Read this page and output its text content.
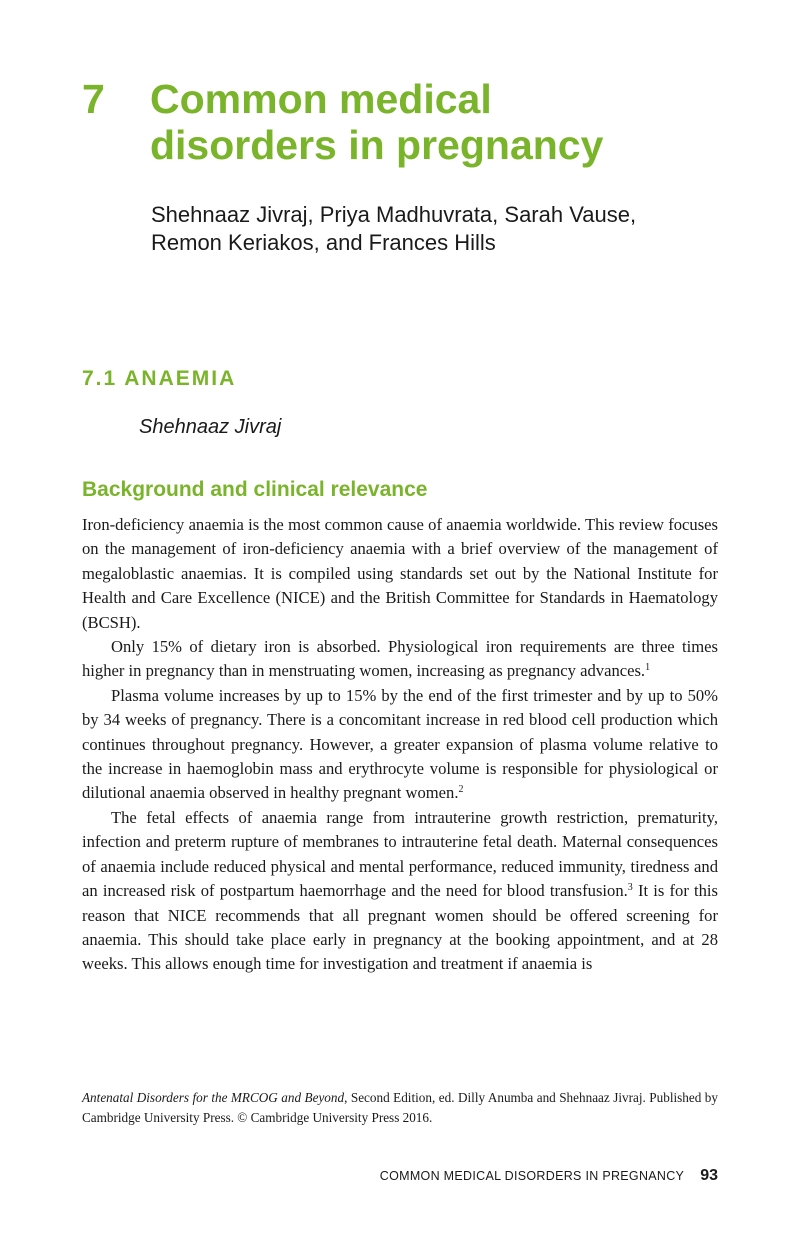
7	Common medical
disorders in pregnancy
Shehnaaz Jivraj, Priya Madhuvrata, Sarah Vause,
Remon Keriakos, and Frances Hills
7.1 ANAEMIA
Shehnaaz Jivraj
Background and clinical relevance

Iron-deficiency anaemia is the most common cause of anaemia worldwide. This review focuses on the management of iron-deficiency anaemia with a brief overview of the management of megaloblastic anaemias. It is compiled using standards set out by the National Institute for Health and Care Excellence (NICE) and the British Committee for Standards in Haematology (BCSH).

Only 15% of dietary iron is absorbed. Physiological iron requirements are three times higher in pregnancy than in menstruating women, increasing as pregnancy advances.$^1$

Plasma volume increases by up to 15% by the end of the first trimester and by up to 50% by 34 weeks of pregnancy. There is a concomitant increase in red blood cell production which continues throughout pregnancy. However, a greater expansion of plasma volume relative to the increase in haemoglobin mass and erythrocyte volume is responsible for physiological or dilutional anaemia observed in healthy pregnant women.$^2$

The fetal effects of anaemia range from intrauterine growth restriction, prematurity, infection and preterm rupture of membranes to intrauterine fetal death. Maternal consequences of anaemia include reduced physical and mental performance, reduced immunity, tiredness and an increased risk of postpartum haemorrhage and the need for blood transfusion.$^3$ It is for this reason that NICE recommends that all pregnant women should be offered screening for anaemia. This should take place early in pregnancy at the booking appointment, and at 28 weeks. This allows enough time for investigation and treatment if anaemia is

Antenatal Disorders for the MRCOG and Beyond, Second Edition, ed. Dilly Anumba and Shehnaaz Jivraj. Published by Cambridge University Press. © Cambridge University Press 2016.
COMMON MEDICAL DISORDERS IN PREGNANCY 93
